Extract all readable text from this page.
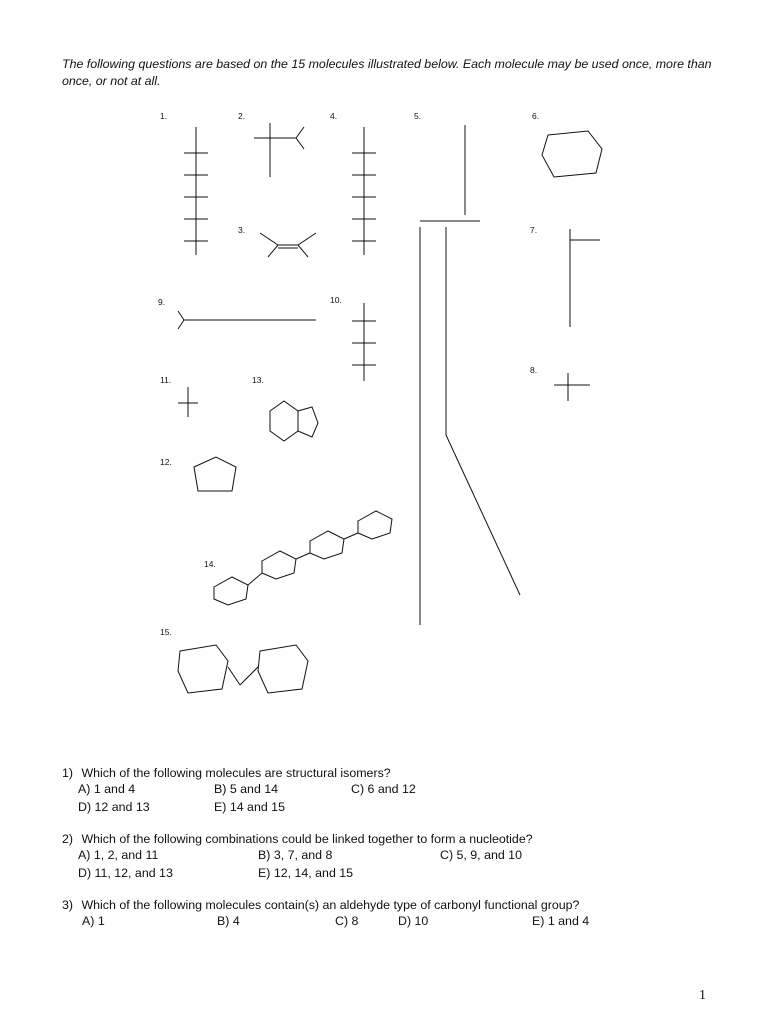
The following questions are based on the 15 molecules illustrated below. Each molecule may be used once, more than once, or not at all.
1.	2.
3.
4.	5.	6.
7.
8.
9.	10.
11.
12.
13.
14.
15.
1) Which of the following molecules are structural isomers?
A) 1 and 4	B) 5 and 14	C) 6 and 12
D) 12 and 13	E) 14 and 15
2) Which of the following combinations could be linked together to form a nucleotide?
A) 1, 2, and 11	B) 3, 7, and 8	C) 5, 9, and 10
D) 11, 12, and 13	E) 12, 14, and 15
3) Which of the following molecules contain(s) an aldehyde type of carbonyl functional group?
A) 1	B) 4	C) 8	D) 10	E) 1 and 4
1
